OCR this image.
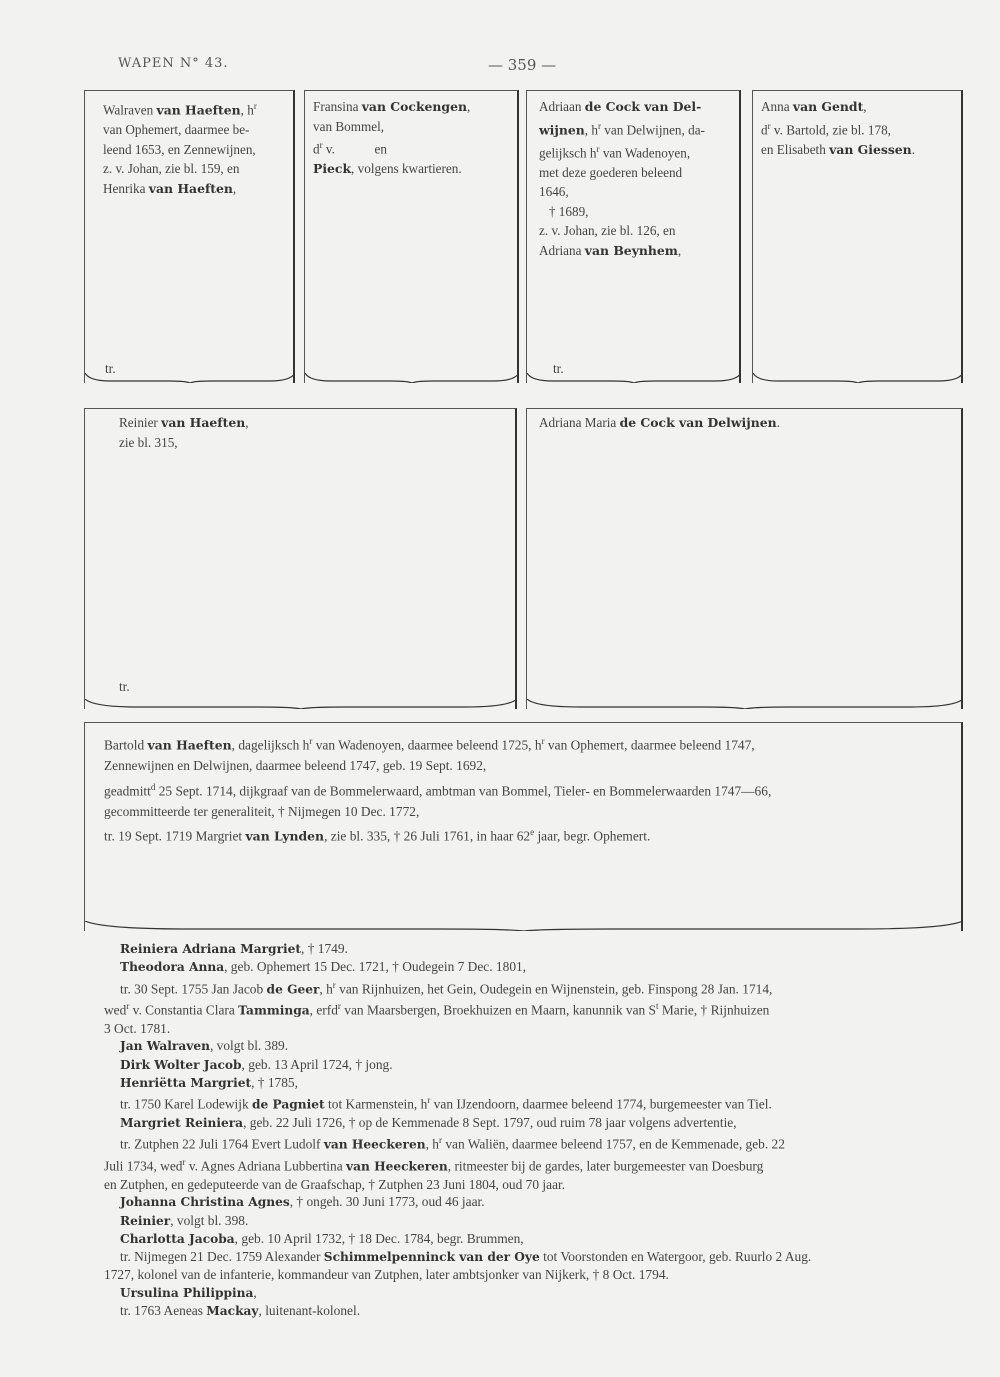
WAPEN N° 43.	— 359 —
Walraven van Haeften, $h^r$
van Ophemert, daarmee be-
leend 1653, en Zennewijnen,
z. v. Johan, zie bl. 159, en
Henrika van Haeften,
tr.
Fransina van Cockengen,
van Bommel,
$d^r$ v.            en
Pieck, volgens kwartieren.
Adriaan de Cock van Del-
wijnen, $h^r$ van Delwijnen, da-
gelijksch $h^r$ van Wadenoyen,
met deze goederen beleend
1646,
† 1689,
z. v. Johan, zie bl. 126, en
Adriana van Beynhem,
tr.
Anna van Gendt,
$d^r$ v. Bartold, zie bl. 178,
en Elisabeth van Giessen.
Reinier van Haeften,
zie bl. 315,
tr.
Adriana Maria de Cock van Delwijnen.
Bartold van Haeften, dagelijksch $h^r$ van Wadenoyen, daarmee beleend 1725, $h^r$ van Ophemert, daarmee beleend 1747,
Zennewijnen en Delwijnen, daarmee beleend 1747, geb. 19 Sept. 1692,
geadmitt$^d$ 25 Sept. 1714, dijkgraaf van de Bommelerwaard, ambtman van Bommel, Tieler- en Bommelerwaarden 1747—66,
gecommitteerde ter generaliteit, † Nijmegen 10 Dec. 1772,
tr. 19 Sept. 1719 Margriet van Lynden, zie bl. 335, † 26 Juli 1761, in haar 62e jaar, begr. Ophemert.
Reiniera Adriana Margriet, † 1749.
Theodora Anna, geb. Ophemert 15 Dec. 1721, † Oudegein 7 Dec. 1801,
tr. 30 Sept. 1755 Jan Jacob de Geer, $h^r$ van Rijnhuizen, het Gein, Oudegein en Wijnenstein, geb. Finspong 28 Jan. 1714,
wed$^r$ v. Constantia Clara Tamminga, erfd$^r$ van Maarsbergen, Broekhuizen en Maarn, kanunnik van $S^t$ Marie, † Rijnhuizen
3 Oct. 1781.
Jan Walraven, volgt bl. 389.
Dirk Wolter Jacob, geb. 13 April 1724, † jong.
Henriëtta Margriet, † 1785,
tr. 1750 Karel Lodewijk de Pagniet tot Karmenstein, $h^r$ van IJzendoorn, daarmee beleend 1774, burgemeester van Tiel.
Margriet Reiniera, geb. 22 Juli 1726, † op de Kemmenade 8 Sept. 1797, oud ruim 78 jaar volgens advertentie,
tr. Zutphen 22 Juli 1764 Evert Ludolf van Heeckeren, $h^r$ van Waliën, daarmee beleend 1757, en de Kemmenade, geb. 22
Juli 1734, wed$^r$ v. Agnes Adriana Lubbertina van Heeckeren, ritmeester bij de gardes, later burgemeester van Doesburg
en Zutphen, en gedeputeerde van de Graafschap, † Zutphen 23 Juni 1804, oud 70 jaar.
Johanna Christina Agnes, † ongeh. 30 Juni 1773, oud 46 jaar.
Reinier, volgt bl. 398.
Charlotta Jacoba, geb. 10 April 1732, † 18 Dec. 1784, begr. Brummen,
tr. Nijmegen 21 Dec. 1759 Alexander Schimmelpenninck van der Oye tot Voorstonden en Watergoor, geb. Ruurlo 2 Aug.
1727, kolonel van de infanterie, kommandeur van Zutphen, later ambtsjonker van Nijkerk, † 8 Oct. 1794.
Ursulina Philippina,
tr. 1763 Aeneas Mackay, luitenant-kolonel.
